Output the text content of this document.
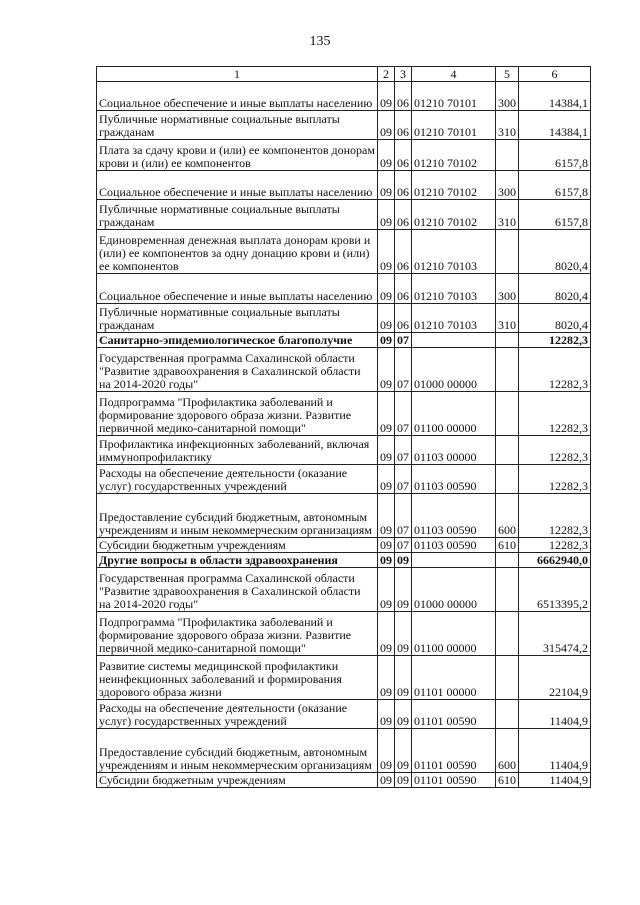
135
1	2	3	4	5	6
Социальное обеспечение и иные выплаты населению	09	06	01210 70101	300	14384,1
Публичные нормативные социальные выплаты гражданам	09	06	01210 70101	310	14384,1
Плата за сдачу крови и (или) ее компонентов донорам крови и (или) ее компонентов	09	06	01210 70102		6157,8
Социальное обеспечение и иные выплаты населению	09	06	01210 70102	300	6157,8
Публичные нормативные социальные выплаты гражданам	09	06	01210 70102	310	6157,8
Единовременная денежная выплата донорам крови и (или) ее компонентов за одну донацию крови и (или) ее компонентов	09	06	01210 70103		8020,4
Социальное обеспечение и иные выплаты населению	09	06	01210 70103	300	8020,4
Публичные нормативные социальные выплаты гражданам	09	06	01210 70103	310	8020,4
Санитарно-эпидемиологическое благополучие	09	07			12282,3
Государственная программа Сахалинской области "Развитие здравоохранения в Сахалинской области на 2014-2020 годы"	09	07	01000 00000		12282,3
Подпрограмма "Профилактика заболеваний и формирование здорового образа жизни. Развитие первичной медико-санитарной помощи"	09	07	01100 00000		12282,3
Профилактика инфекционных заболеваний, включая иммунопрофилактику	09	07	01103 00000		12282,3
Расходы на обеспечение деятельности (оказание услуг) государственных учреждений	09	07	01103 00590		12282,3
Предоставление субсидий бюджетным, автономным учреждениям и иным некоммерческим организациям	09	07	01103 00590	600	12282,3
Субсидии бюджетным учреждениям	09	07	01103 00590	610	12282,3
Другие вопросы в области здравоохранения	09	09			6662940,0
Государственная программа Сахалинской области "Развитие здравоохранения в Сахалинской области на 2014-2020 годы"	09	09	01000 00000		6513395,2
Подпрограмма "Профилактика заболеваний и формирование здорового образа жизни. Развитие первичной медико-санитарной помощи"	09	09	01100 00000		315474,2
Развитие системы медицинской профилактики неинфекционных заболеваний и формирования здорового образа жизни	09	09	01101 00000		22104,9
Расходы на обеспечение деятельности (оказание услуг) государственных учреждений	09	09	01101 00590		11404,9
Предоставление субсидий бюджетным, автономным учреждениям и иным некоммерческим организациям	09	09	01101 00590	600	11404,9
Субсидии бюджетным учреждениям	09	09	01101 00590	610	11404,9
